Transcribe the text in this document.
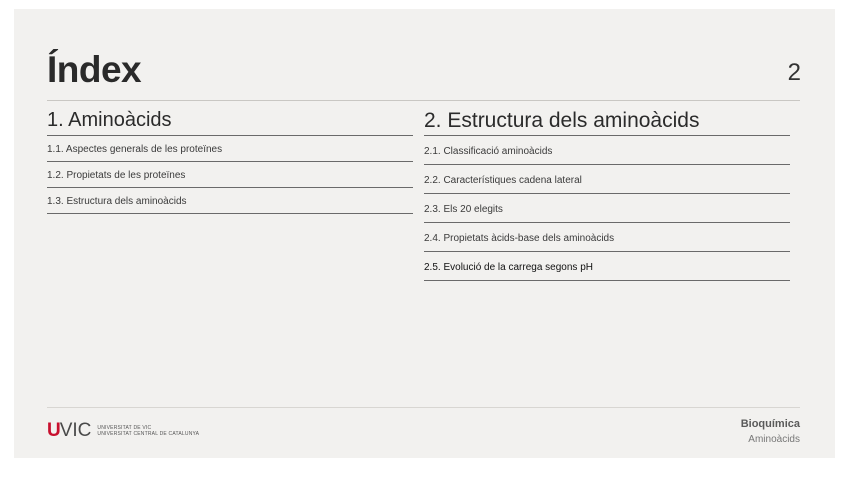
Índex	2
1. Aminoàcids
1.1. Aspectes generals de les proteïnes
1.2. Propietats de les proteïnes
1.3. Estructura dels aminoàcids
2. Estructura dels aminoàcids
2.1. Classificació aminoàcids
2.2. Característiques cadena lateral
2.3. Els 20 elegits
2.4. Propietats àcids-base dels aminoàcids
2.5. Evolució de la carrega segons pH
U VIC UNIVERSITAT DE VIC
UNIVERSITAT CENTRAL DE CATALUNYA
Bioquímica
Aminoàcids
